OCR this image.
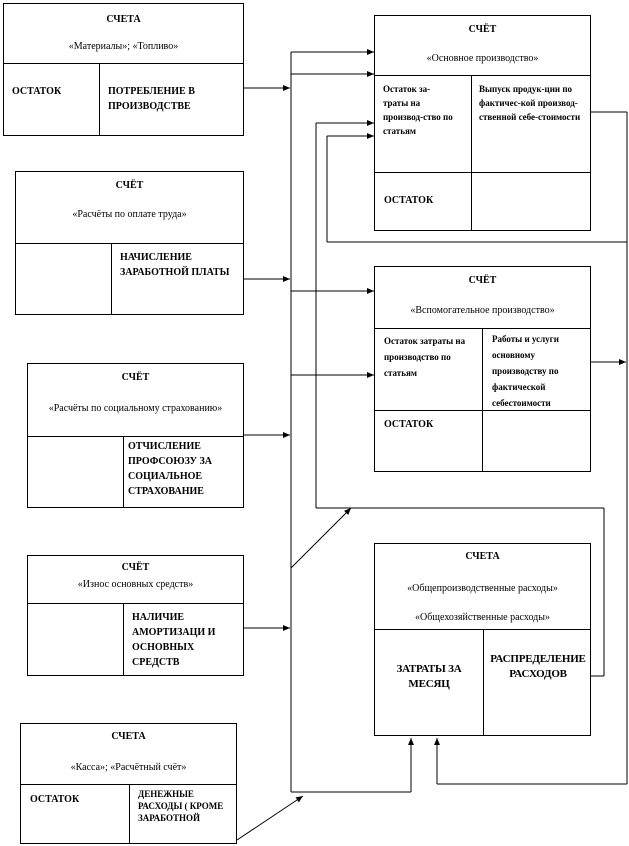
СЧЕТА
«Материалы»; «Топливо»
ОСТАТОК	ПОТРЕБЛЕНИЕ В ПРОИЗВОДСТВЕ
СЧЁТ
«Расчёты по оплате труда»
НАЧИСЛЕНИЕ ЗАРАБОТНОЙ ПЛАТЫ
СЧЁТ
«Расчёты по социальному страхованию»
ОТЧИСЛЕНИЕ ПРОФСОЮЗУ ЗА СОЦИАЛЬНОЕ СТРАХОВАНИЕ
СЧЁТ
«Износ основных средств»
НАЛИЧИЕ АМОРТИЗАЦИ И ОСНОВНЫХ СРЕДСТВ
СЧЕТА
«Касса»; «Расчётный счёт»
ОСТАТОК	ДЕНЕЖНЫЕ РАСХОДЫ ( КРОМЕ ЗАРАБОТНОЙ
СЧЁТ
«Основное производство»
Остаток за-траты на производ-ство по статьям
Выпуск продук-ции по фактичес-кой производ-ственной себе-стоимости
ОСТАТОК
СЧЁТ
«Вспомогательное производство»
Остаток затраты на производство по статьям
Работы и услуги основному производству по фактической себестоимости
ОСТАТОК
СЧЕТА
«Общепроизводственные расходы»
«Общехозяйственные расходы»
ЗАТРАТЫ ЗА МЕСЯЦ
РАСПРЕДЕЛЕНИЕ РАСХОДОВ
